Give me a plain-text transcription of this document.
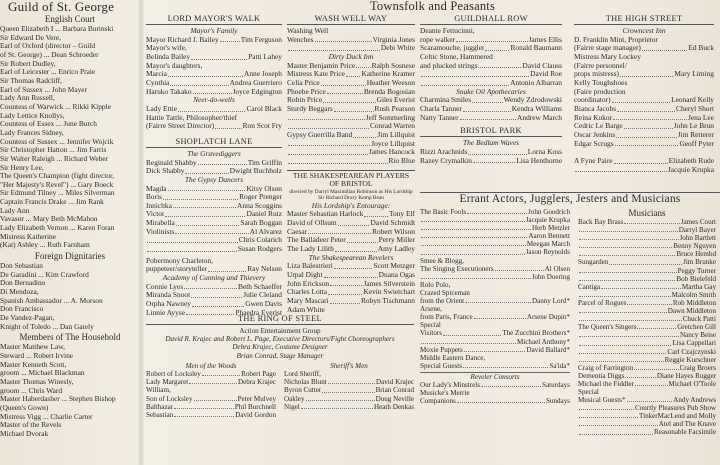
Guild of St. George
English Court
Queen Elizabeth I ... Barbara Burinski
Sir Edward De Vere,
Earl of Oxford (director – Guild
of St. George) ... Dean Schroeder
Sir Robert Dudley,
Earl of Leicester ... Enrico Praie
Sir Thomas Radcliff,
Earl of Sussex ... John Mayer
Lady Ann Russell,
Countess of Warwick ... Rikki Kipple
Lady Lettice Knollys,
Countess of Essex ... June Burch
Lady Frances Sidney,
Countess of Sussex ... Jennifer Wojcik
Sir Christopher Hatton ... Jim Farris
Sir Walter Raleigh ... Richard Weber
Sir Henry Lee,
The Queen's Champion (fight director,
"Her Majesty's Revel") ... Gary Boeck
Sir Edmund Tilney ... Miles Silverman
Captain Francis Drake ... Jim Rank
Lady Ann
Vavasor ... Mary Beth McMahon
Lady Elizabeth Vernon ... Karen Foran
Mistress Katherine
(Kat) Ashley ... Ruth Farnham
Foreign Dignitaries
Don Sebastian
De Garadini ... Kim Crawford
Don Bernadino
Di Mendoza,
Spanish Ambassador ... A. Morson
Don Francisco
De Vandez-Pagan,
Knight of Toledo ... Dan Gately
Members of The Household
Master Matthew Law,
Steward ... Robert Irvine
Master Kenneth Scott,
groom ... Michael Blackman
Master Thomas Winesly,
groom ... Chris Ward
Master Haberdasher ... Stephen Bishop
(Queen's Gown)
Mistress Vigg ... Charlie Carter
Master of the Revels
Michael Dvorak
Townsfolk and Peasants
LORD MAYOR'S WALK
Mayor's Family
Mayor Richard J. Bailey	Tim Ferguson
Mayor's wife,
Belinda Bailey	Patti Lahey
Mayor's daughters,
Marcia	Anne Joseph
Cynthia	Andrea Guerriero
Haruko Takako	Joyce Edgington
Neer-do-wells
Lady Ettie	Carol Black
Hattie Tattle, Philosopher/thief
(Fairre Street Director)	Ron Scot Fry
SHOPLATCH LANE
The Gravediggers
Reginald Shabby	Tim Griffin
Dick Shabby	Dwight Buchholz
The Gypsy Dancers
Magda	Kitsy Olson
Boris	Roger Prenger
Innichka	Anna Scoggins
Victor	Daniel Ruiz
Mirabella	Sarah Boggan
Violinists	Al Alvarez
Chris Colarich
Susan Rodgers
Pobermony Charleton,
puppeteer/storyteller	Ray Nelson
Academy of Cunning and Thievery
Connie Lyes	Beth Schaeffer
Miranda Snoot	Julie Cleland
Orpha Nawney	Gwen Davis
Linnie Ayyse	Phaedra Everist
WASH WELL WAY
Washing Well
Wenches	Virginia Jones
Debi White
Dirty Duck Inn
Master Benjamin Price Ralph Sosnese
Mistress Kate Price Katherine Kramer
Celia Price	Heather Weeson
Phoebe Price	Brenda Bogosian
Robin Price	Giles Everist
Sturdy Beggars	Rush Pearson
Jeff Sommerling
Conrad Warren
Gypsy Guerrilla Band	Jim Lillquist
Joyce Lillquist
James Hancock
Rio Blue
THE SHAKESPEAREAN PLAYERS
OF BRISTOL
directed by Darryl Maximilian Robinson as His Lordship Sir Richard Drury Kemp Bean
His Lordship's Entourage:
Master Sebastian Harlock	Tony Elf
David of Ollsum	David Schmidt
Caesar	Robert Wilson
The Balladeer Peter	Perry Miller
The Lady Lilith	Amy Ladley
The Shakespearean Revelers
Liza Balestrieri	Scott Metzger
Urpal Dight	Duana Ogas
John Erickson	James Silverstein
Charles Lotta	Kevin Swietchart
Mary Mascari	Robyn Tischmann
Adam White
GUILDHALL ROW
Deante Fettucinni,
rope walker	James Ellis
Scaramouche, juggler	Ronald Baumann
Celtic Stone, Hammered
and plucked strings	David Clauss
David Roe
Antonio Albarran
Snake Oil Apothecaries
Charmina Smiles	Wendy Zdrodowski
Charla Tanner	Kendra Williams
Natty Tanner	Andrew March
BRISTOL PARK
The Bedlam Waves
Rizzi Arachnids	Lorna Koss
Razey Crymalkin	Lisa Henthorne
THE HIGH STREET
Crowncest Inn
D. Franklin Mint, Proprietor
(Fairre stage manager)	Ed Buck
Mistress Mary Lockey
(Fairre personnel/
props mistress)	Mary Liming
Kelly Toughshoes
(Faire production
coordinator)	Leonard Kelly
Bianca Jacobs	Cheryl Short
Reina Kukor	Jena Lee
Cedric Le Barge	John Le Brun
Oscar Jenkins	Jim Retterer
Edgar Scrugs	Geoff Pyter

A Fyne Paire	Elizabeth Rude
Jacquie Krupka
THE RING OF STEEL
Action Entertainment Group
David R. Krajec and Robert L. Page, Executive Directors/Fight Choreographers
Debra Krajec, Costume Designer
Brian Conrad, Stage Manager
Men of the Woods
Robert of Locksley	Robert Page
Lady Margaret	Debra Krajec
William,
Son of Locksley	Peter Mulvey
Balthazar	Phil Burchnell
Sebastian	David Gordon
Sheriff's Men
Lord Sheriff,
Nicholas Blunt	David Krajec
Byron Cutter	Brian Conrad
Oakley	Doug Neville
Nigel	Heath Denkas
Errant Actors, Jugglers, Jesters and Musicians
The Basic Fools	John Goodrich
Jacquie Krupka
Herb Metzler
Aaron Bennett
Meegan March
Jason Reynolds
Smee & Blogg,
The Singing Executioners	Al Olsen
John Doering
Rolo Polo,
Crazed Spiceman
from the Orient	Danny Lord*
Arsene,
from Paris, France	Arsene Dupin*
Special
Visitors	The Zucchini Brothers*
Michael Anthony*
Moxie Puppets	David Ballard*
Middle Eastern Dance,
Special Guests	Sa'ida*
Reveler Consorts
Our Lady's Minstrels	Saturdays
Musicke's Merrie
Companions	Sundays
Musicians
Back Bay Brass	James Court
Darryl Bayer
John Bartlett
Benny Nguyen
Bruce Hembd
Sungarden	Jim Brunke
Peggy Turner
Bob Bielefeld
Cantiga	Martha Gay
Malcolm Smith
Parcel of Rogues	Rob Middleton
Dawn Middleton
Chuck Patti
The Queen's Singers	Gretchen Gill
Nancy Beise
Lisa Cappellari
Carl Czajczynski
Reggie Kurschner
Craig of Farrington	Craig Broers
Dementia Diggs	Diane Hayes Rugger
Michael the Fiddler	Michael O'Toole
Special
Musical Guests*	Andy Andrews
Courtly Pleasures Pub Show
TinkerMacLeod and Molly
Atel and The Knave
Reasonable Facsimile
